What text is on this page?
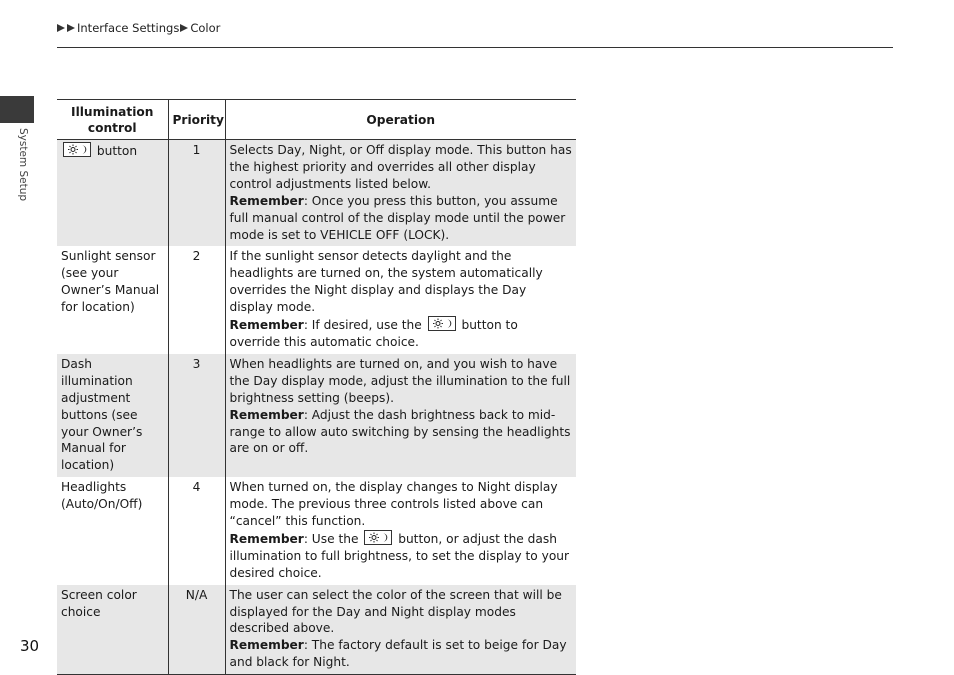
Interface Settings Color
System Setup
Illumination control	Priority	Operation

button	1	Selects Day, Night, or Off display mode. This button has the highest priority and overrides all other display control adjustments listed below.
Remember: Once you press this button, you assume full manual control of the display mode until the power mode is set to VEHICLE OFF (LOCK).
Sunlight sensor (see your Owner’s Manual for location)	2	If the sunlight sensor detects daylight and the headlights are turned on, the system automatically overrides the Night display and displays the Day display mode.
Remember: If desired, use the button to override this automatic choice.
Dash illumination adjustment buttons (see your Owner’s Manual for location)	3	When headlights are turned on, and you wish to have the Day display mode, adjust the illumination to the full brightness setting (beeps).
Remember: Adjust the dash brightness back to mid-range to allow auto switching by sensing the headlights are on or off.
Headlights (Auto/On/Off)	4	When turned on, the display changes to Night display mode. The previous three controls listed above can “cancel” this function.
Remember: Use the button, or adjust the dash illumination to full brightness, to set the display to your desired choice.
Screen color choice	N/A	The user can select the color of the screen that will be displayed for the Day and Night display modes described above.
Remember: The factory default is set to beige for Day and black for Night.
30
